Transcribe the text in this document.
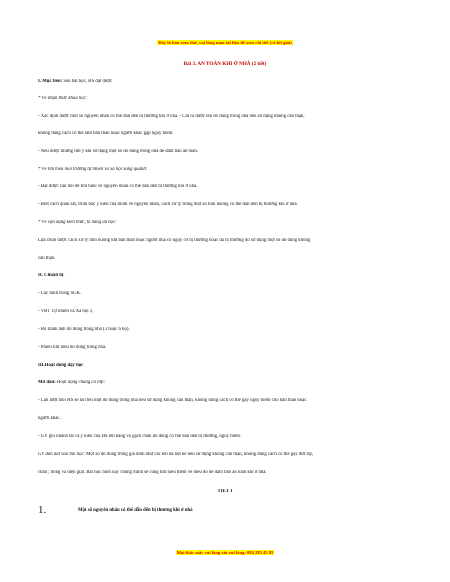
Đây là bản xem thử, vui lòng mua tài liệu để xem chi tiết (có lời giải)
Bài 3. AN TOÀN KHI Ở NHÀ (2 tiết)
I. Mục tiêu: Sau bài học, HS đạt được
* Về nhận thức khoa học:
- Xác định được một số nguyên nhân có thể dẫn đến bị thương khi ở nhà. - Chỉ ra được tên đồ dùng trong nhà nếu sử dụng không cẩn thận,
không đúng cách có thể làm bản thân hoặc người khác gặp nguy hiểm.
- Nêu được những lưu ý khi sử dụng một số đồ dùng trong nhà để đảm bảo an toàn.
* Về tìm hiểu môi trường tự nhiên và xã hội xung quanh:
- Đặt được câu hỏi để tìm hiểu về nguyên nhân có thể dẫn đến bị thương khi ở nhà.
- Biết cách quan sát, trình bày ý kiến của mình về nguyên nhân, cách xử lý trong một số tình huống có thể dẫn đến bị thương khi ở nhà.
* Về vận dụng kiến thức, kĩ năng đã học:
Lựa chọn được cách xử lý tình huống khi bản thân hoặc người nhà có nguy cơ bị thương hoặc đã bị thương do sử dụng một số đồ dùng không
cẩn thận.
II. Chuẩn bị:
- Các hình trong SGK.
- VBT Tự nhiên và Xã hội 1,
- Bộ tranh ảnh đồ dùng trong nhà (3 hoặc 6 bộ).
- Phiếu tìm hiểu đồ dùng trong nhà.
III.Hoạt động dạy học
Mở đầu: Hoạt động chung cả lớp:
- Lần lượt mỗi HS sẽ nói tên một đồ dùng trong nhà nếu sử dụng không cẩn thận, không đúng cách có thể gây nguy hiểm cho bản thân hoặc
người khác.
- GV ghi nhanh tất cả ý kiến của HS lên bảng và gạch chân đồ dùng có thể dẫn đến bị thương, nguy hiểm.
GV dẫn dắt vào bài học: Một số đồ dùng trong gia đình như các em đã liệt kê nếu sử dụng không cẩn thận, không đúng cách có thể gây đứt tay,
chân ; bỏng và điện giật. Bài học hôm nay chúng mình sẽ cùng tìm hiểu thêm về điều đó để đảm bảo an toàn khi ở nhà.
TIẾT 1
1.	Một số nguyên nhân có thể dẫn đến bị thương khi ở nhà
Mọi thắc mắc vui lòng xin vui lòng: 084 283 45 85
